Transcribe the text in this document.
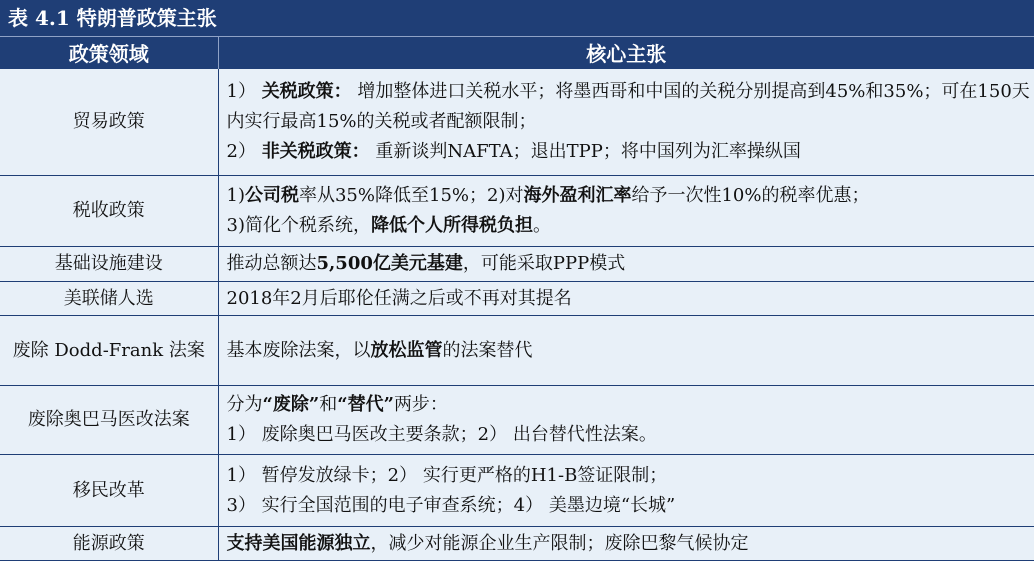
表 4.1 特朗普政策主张
政策领域	核心主张
贸易政策	1） 关税政策： 增加整体进口关税水平；将墨西哥和中国的关税分别提高到45%和35%；可在150天内实行最高15%的关税或者配额限制；
2） 非关税政策： 重新谈判NAFTA；退出TPP；将中国列为汇率操纵国

税收政策	1)公司税率从35%降低至15%；2)对海外盈利汇率给予一次性10%的税率优惠；
3)简化个税系统，降低个人所得税负担。

基础设施建设	推动总额达5,500亿美元基建，可能采取PPP模式

美联储人选	2018年2月后耶伦任满之后或不再对其提名

废除 Dodd-Frank 法案	基本废除法案，以放松监管的法案替代

废除奥巴马医改法案	分为“废除”和“替代”两步：
1） 废除奥巴马医改主要条款；2） 出台替代性法案。

移民改革	1） 暂停发放绿卡；2） 实行更严格的H1-B签证限制；
3） 实行全国范围的电子审查系统；4） 美墨边境“长城”

能源政策	支持美国能源独立，减少对能源企业生产限制；废除巴黎气候协定
